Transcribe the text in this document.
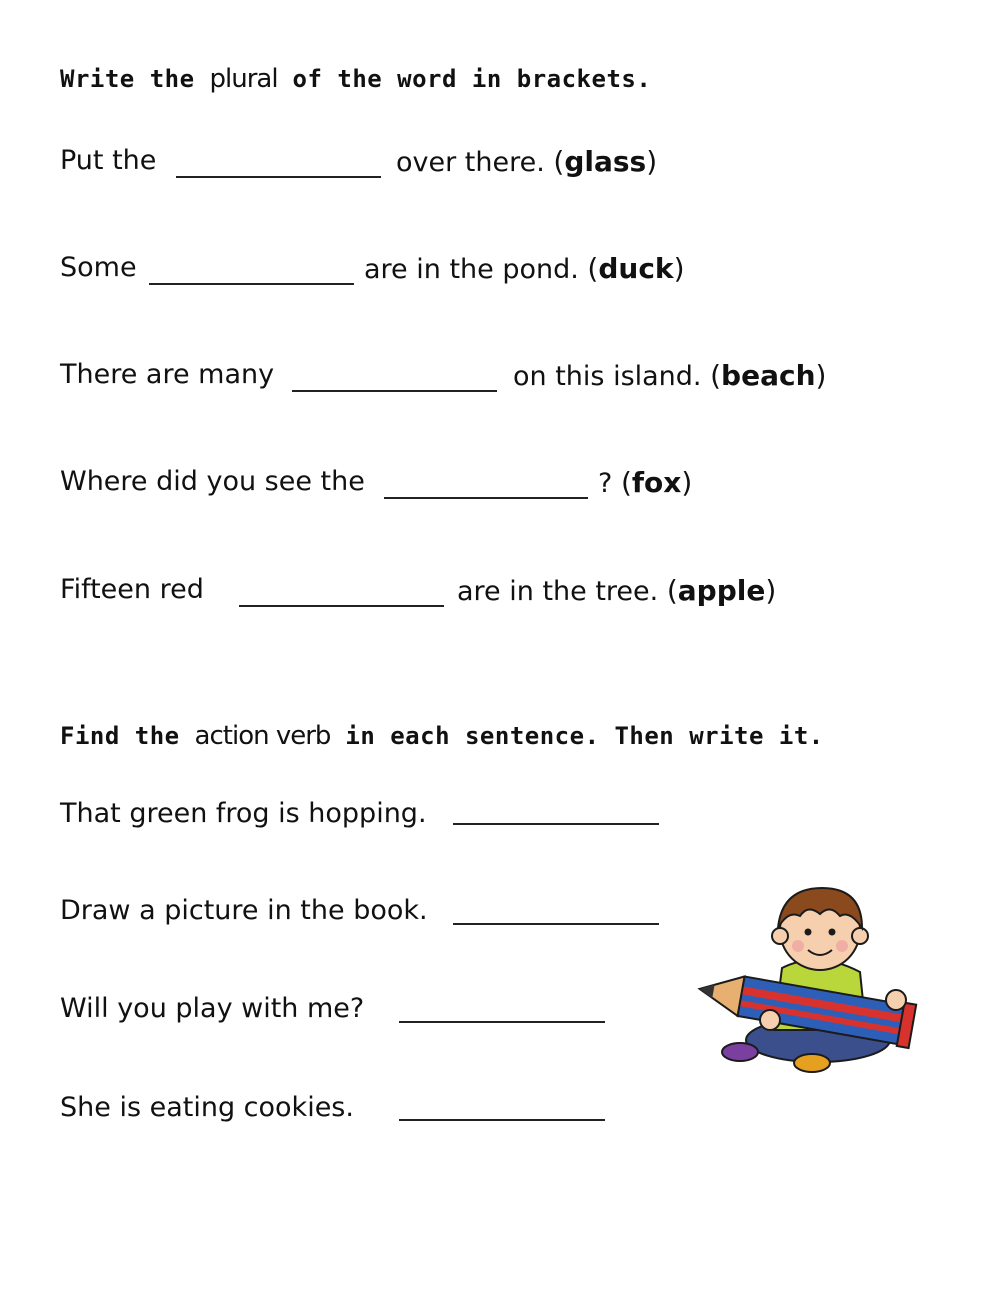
Write the plural of the word in brackets.
Put the	over there. (glass)
Some	are in the pond. (duck)
There are many	on this island. (beach)
Where did you see the	? (fox)
Fifteen red	are in the tree. (apple)
Find the action verb in each sentence. Then write it.
That green frog is hopping.
Draw a picture in the book.
Will you play with me?
She is eating cookies.
